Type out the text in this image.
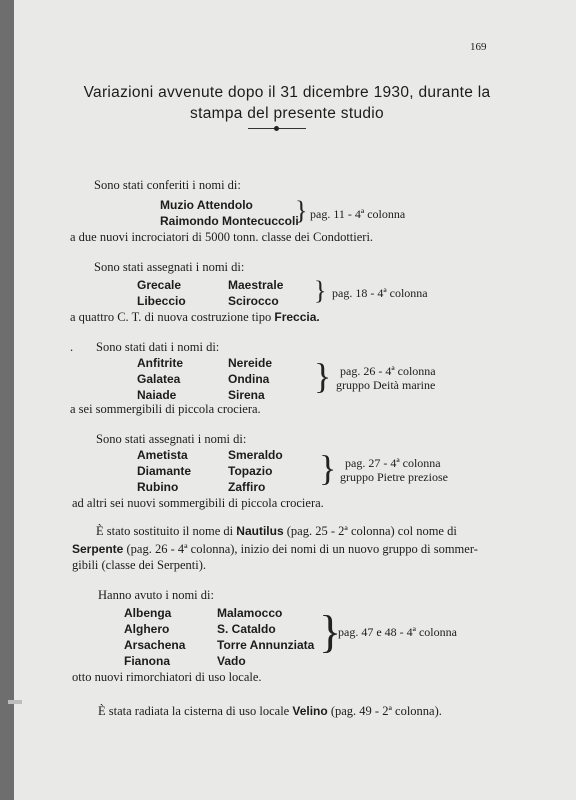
169
Variazioni avvenute dopo il 31 dicembre 1930, durante la
stampa del presente studio
Sono stati conferiti i nomi di:
Muzio Attendolo
Raimondo Montecuccoli
} pag. 11 - 4ª colonna
a due nuovi incrociatori di 5000 tonn. classe dei Condottieri.
Sono stati assegnati i nomi di:
Grecale	Maestrale
Libeccio	Scirocco } pag. 18 - 4ª colonna
a quattro C. T. di nuova costruzione tipo Freccia.
. Sono stati dati i nomi di:
Anfitrite	Nereide
Galatea	Ondina
Naiade	Sirena } pag. 26 - 4ª colonna
gruppo Deità marine
a sei sommergibili di piccola crociera.
Sono stati assegnati i nomi di:
Ametista	Smeraldo
Diamante	Topazio
Rubino	Zaffiro } pag. 27 - 4ª colonna
gruppo Pietre preziose
ad altri sei nuovi sommergibili di piccola crociera.
È stato sostituito il nome di Nautilus (pag. 25 - 2ª colonna) col nome di
Serpente (pag. 26 - 4ª colonna), inizio dei nomi di un nuovo gruppo di sommer-
gibili (classe dei Serpenti).
Hanno avuto i nomi di:
Albenga	Malamocco
Alghero	S. Cataldo
Arsachena	Torre Annunziata
Fianona	Vado
}
pag. 47 e 48 - 4ª colonna
otto nuovi rimorchiatori di uso locale.
È stata radiata la cisterna di uso locale Velino (pag. 49 - 2ª colonna).
